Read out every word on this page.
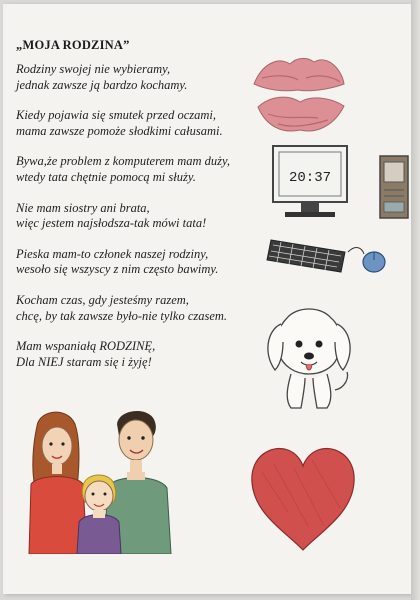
„MOJA RODZINA”

Rodziny swojej nie wybieramy,

jednak zawsze ją bardzo kochamy.

Kiedy pojawia się smutek przed oczami,

mama zawsze pomoże słodkimi całusami.

Bywa,że problem z komputerem mam duży,

wtedy tata chętnie pomocą mi służy.

Nie mam siostry ani brata,

więc jestem najsłodsza-tak mówi tata!

Pieska mam-to członek naszej rodziny,

wesoło się wszyscy z nim często bawimy.

Kocham czas, gdy jesteśmy razem,

chcę, by tak zawsze było-nie tylko czasem.

Mam wspaniałą RODZINĘ,

Dla NIEJ staram się i żyję!

20:37
